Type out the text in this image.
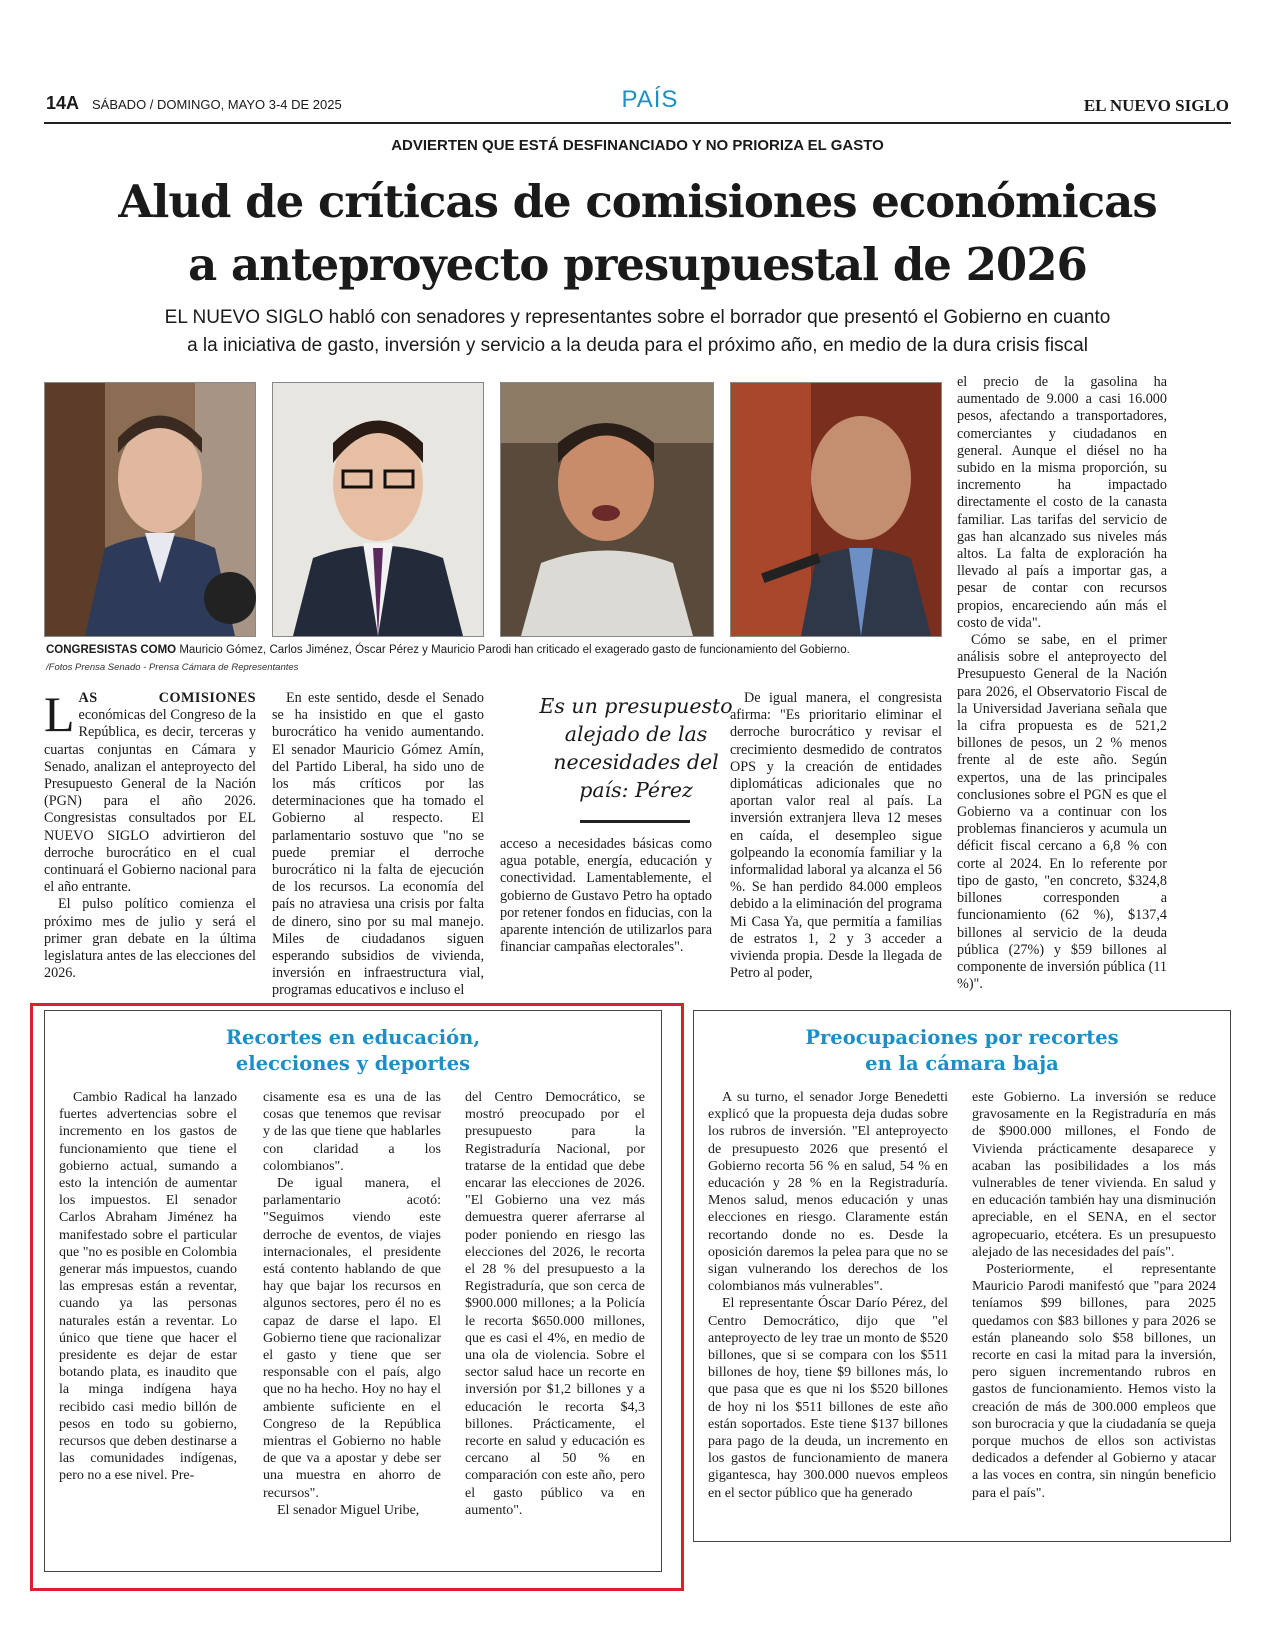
14A SÁBADO / DOMINGO, MAYO 3-4 DE 2025	PAÍS	EL NUEVO SIGLO
ADVIERTEN QUE ESTÁ DESFINANCIADO Y NO PRIORIZA EL GASTO
Alud de críticas de comisiones económicas
a anteproyecto presupuestal de 2026
EL NUEVO SIGLO habló con senadores y representantes sobre el borrador que presentó el Gobierno en cuanto
a la iniciativa de gasto, inversión y servicio a la deuda para el próximo año, en medio de la dura crisis fiscal
CONGRESISTAS COMO Mauricio Gómez, Carlos Jiménez, Óscar Pérez y Mauricio Parodi han criticado el exagerado gasto de funcionamiento del Gobierno.
/Fotos Prensa Senado - Prensa Cámara de Representantes
L AS COMISIONES económicas del Congreso de la República, es decir, terceras y cuartas conjuntas en Cámara y Senado, analizan el anteproyecto del Presupuesto General de la Nación (PGN) para el año 2026. Congresistas consultados por EL NUEVO SIGLO advirtieron del derroche burocrático en el cual continuará el Gobierno nacional para el año entrante.

El pulso político comienza el próximo mes de julio y será el primer gran debate en la última legislatura antes de las elecciones del 2026.

En este sentido, desde el Senado se ha insistido en que el gasto burocrático ha venido aumentando. El senador Mauricio Gómez Amín, del Partido Liberal, ha sido uno de los más críticos por las determinaciones que ha tomado el Gobierno al respecto. El parlamentario sostuvo que "no se puede premiar el derroche burocrático ni la falta de ejecución de los recursos. La economía del país no atraviesa una crisis por falta de dinero, sino por su mal manejo. Miles de ciudadanos siguen esperando subsidios de vivienda, inversión en infraestructura vial, programas educativos e incluso el

Es un presupuesto alejado de las necesidades del país: Pérez

acceso a necesidades básicas como agua potable, energía, educación y conectividad. Lamentablemente, el gobierno de Gustavo Petro ha optado por retener fondos en fiducias, con la aparente intención de utilizarlos para financiar campañas electorales".

De igual manera, el congresista afirma: "Es prioritario eliminar el derroche burocrático y revisar el crecimiento desmedido de contratos OPS y la creación de entidades diplomáticas adicionales que no aportan valor real al país. La inversión extranjera lleva 12 meses en caída, el desempleo sigue golpeando la economía familiar y la informalidad laboral ya alcanza el 56 %. Se han perdido 84.000 empleos debido a la eliminación del programa Mi Casa Ya, que permitía a familias de estratos 1, 2 y 3 acceder a vivienda propia. Desde la llegada de Petro al poder,

el precio de la gasolina ha aumentado de 9.000 a casi 16.000 pesos, afectando a transportadores, comerciantes y ciudadanos en general. Aunque el diésel no ha subido en la misma proporción, su incremento ha impactado directamente el costo de la canasta familiar. Las tarifas del servicio de gas han alcanzado sus niveles más altos. La falta de exploración ha llevado al país a importar gas, a pesar de contar con recursos propios, encareciendo aún más el costo de vida".

Cómo se sabe, en el primer análisis sobre el anteproyecto del Presupuesto General de la Nación para 2026, el Observatorio Fiscal de la Universidad Javeriana señala que la cifra propuesta es de 521,2 billones de pesos, un 2 % menos frente al de este año. Según expertos, una de las principales conclusiones sobre el PGN es que el Gobierno va a continuar con los problemas financieros y acumula un déficit fiscal cercano a 6,8 % con corte al 2024. En lo referente por tipo de gasto, "en concreto, $324,8 billones corresponden a funcionamiento (62 %), $137,4 billones al servicio de la deuda pública (27%) y $59 billones al componente de inversión pública (11 %)".

Recortes en educación,
elecciones y deportes

Cambio Radical ha lanzado fuertes advertencias sobre el incremento en los gastos de funcionamiento que tiene el gobierno actual, sumando a esto la intención de aumentar los impuestos. El senador Carlos Abraham Jiménez ha manifestado sobre el particular que "no es posible en Colombia generar más impuestos, cuando las empresas están a reventar, cuando ya las personas naturales están a reventar. Lo único que tiene que hacer el presidente es dejar de estar botando plata, es inaudito que la minga indígena haya recibido casi medio billón de pesos en todo su gobierno, recursos que deben destinarse a las comunidades indígenas, pero no a ese nivel. Pre-

cisamente esa es una de las cosas que tenemos que revisar y de las que tiene que hablarles con claridad a los colombianos".

De igual manera, el parlamentario acotó: "Seguimos viendo este derroche de eventos, de viajes internacionales, el presidente está contento hablando de que hay que bajar los recursos en algunos sectores, pero él no es capaz de darse el lapo. El Gobierno tiene que racionalizar el gasto y tiene que ser responsable con el país, algo que no ha hecho. Hoy no hay el ambiente suficiente en el Congreso de la República mientras el Gobierno no hable de que va a apostar y debe ser una muestra en ahorro de recursos".

El senador Miguel Uribe,

del Centro Democrático, se mostró preocupado por el presupuesto para la Registraduría Nacional, por tratarse de la entidad que debe encarar las elecciones de 2026. "El Gobierno una vez más demuestra querer aferrarse al poder poniendo en riesgo las elecciones del 2026, le recorta el 28 % del presupuesto a la Registraduría, que son cerca de $900.000 millones; a la Policía le recorta $650.000 millones, que es casi el 4%, en medio de una ola de violencia. Sobre el sector salud hace un recorte en inversión por $1,2 billones y a educación le recorta $4,3 billones. Prácticamente, el recorte en salud y educación es cercano al 50 % en comparación con este año, pero el gasto público va en aumento".

Preocupaciones por recortes
en la cámara baja

A su turno, el senador Jorge Benedetti explicó que la propuesta deja dudas sobre los rubros de inversión. "El anteproyecto de presupuesto 2026 que presentó el Gobierno recorta 56 % en salud, 54 % en educación y 28 % en la Registraduría. Menos salud, menos educación y unas elecciones en riesgo. Claramente están recortando donde no es. Desde la oposición daremos la pelea para que no se sigan vulnerando los derechos de los colombianos más vulnerables".

El representante Óscar Darío Pérez, del Centro Democrático, dijo que "el anteproyecto de ley trae un monto de $520 billones, que si se compara con los $511 billones de hoy, tiene $9 billones más, lo que pasa que es que ni los $520 billones de hoy ni los $511 billones de este año están soportados. Este tiene $137 billones para pago de la deuda, un incremento en los gastos de funcionamiento de manera gigantesca, hay 300.000 nuevos empleos en el sector público que ha generado

este Gobierno. La inversión se reduce gravosamente en la Registraduría en más de $900.000 millones, el Fondo de Vivienda prácticamente desaparece y acaban las posibilidades a los más vulnerables de tener vivienda. En salud y en educación también hay una disminución apreciable, en el SENA, en el sector agropecuario, etcétera. Es un presupuesto alejado de las necesidades del país".

Posteriormente, el representante Mauricio Parodi manifestó que "para 2024 teníamos $99 billones, para 2025 quedamos con $83 billones y para 2026 se están planeando solo $58 billones, un recorte en casi la mitad para la inversión, pero siguen incrementando rubros en gastos de funcionamiento. Hemos visto la creación de más de 300.000 empleos que son burocracia y que la ciudadanía se queja porque muchos de ellos son activistas dedicados a defender al Gobierno y atacar a las voces en contra, sin ningún beneficio para el país".
